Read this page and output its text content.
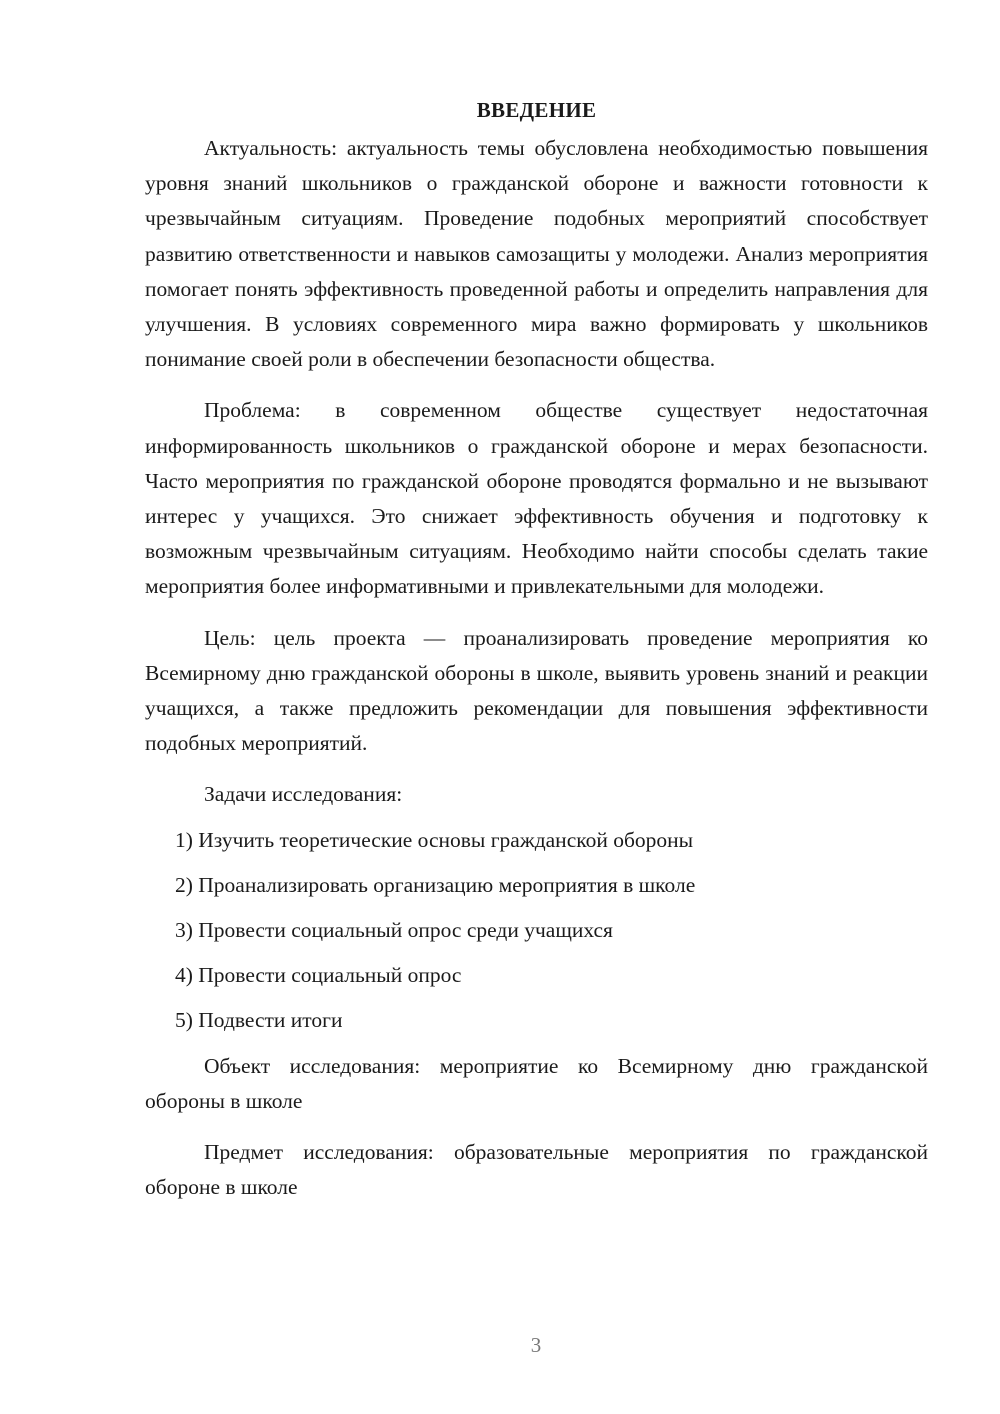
ВВЕДЕНИЕ

Актуальность: актуальность темы обусловлена необходимостью повышения уровня знаний школьников о гражданской обороне и важности готовности к чрезвычайным ситуациям. Проведение подобных мероприятий способствует развитию ответственности и навыков самозащиты у молодежи. Анализ мероприятия помогает понять эффективность проведенной работы и определить направления для улучшения. В условиях современного мира важно формировать у школьников понимание своей роли в обеспечении безопасности общества.

Проблема: в современном обществе существует недостаточная информированность школьников о гражданской обороне и мерах безопасности. Часто мероприятия по гражданской обороне проводятся формально и не вызывают интерес у учащихся. Это снижает эффективность обучения и подготовку к возможным чрезвычайным ситуациям. Необходимо найти способы сделать такие мероприятия более информативными и привлекательными для молодежи.

Цель: цель проекта — проанализировать проведение мероприятия ко Всемирному дню гражданской обороны в школе, выявить уровень знаний и реакции учащихся, а также предложить рекомендации для повышения эффективности подобных мероприятий.

Задачи исследования:

1) Изучить теоретические основы гражданской обороны
2) Проанализировать организацию мероприятия в школе
3) Провести социальный опрос среди учащихся
4) Провести социальный опрос
5) Подвести итоги

Объект исследования: мероприятие ко Всемирному дню гражданской обороны в школе

Предмет исследования: образовательные мероприятия по гражданской обороне в школе

3
